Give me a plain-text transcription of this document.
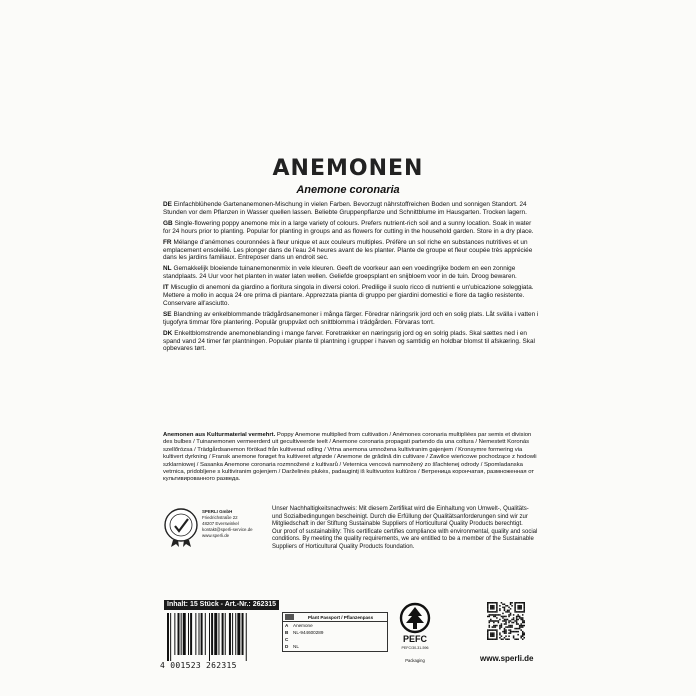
ANEMONEN
Anemone coronaria
DE Einfachblühende Gartenanemonen-Mischung in vielen Farben. Bevorzugt nährstoffreichen Boden und sonnigen Standort. 24 Stunden vor dem Pflanzen in Wasser quellen lassen. Beliebte Gruppenpflanze und Schnittblume im Hausgarten. Trocken lagern.
GB Single-flowering poppy anemone mix in a large variety of colours. Prefers nutrient-rich soil and a sunny location. Soak in water for 24 hours prior to planting. Popular for planting in groups and as flowers for cutting in the household garden. Store in a dry place.
FR Mélange d'anémones couronnées à fleur unique et aux couleurs multiples. Préfère un sol riche en substances nutritives et un emplacement ensoleillé. Les plonger dans de l'eau 24 heures avant de les planter. Plante de groupe et fleur coupée très appréciée dans les jardins familiaux. Entreposer dans un endroit sec.
NL Gemakkelijk bloeiende tuinanemonenmix in vele kleuren. Geeft de voorkeur aan een voedingrijke bodem en een zonnige standplaats. 24 Uur voor het planten in water laten wellen. Geliefde groepsplant en snijbloem voor in de tuin. Droog bewaren.
IT Miscuglio di anemoni da giardino a fioritura singola in diversi colori. Predilige il suolo ricco di nutrienti e un'ubicazione soleggiata. Mettere a mollo in acqua 24 ore prima di piantare. Apprezzata pianta di gruppo per giardini domestici e fiore da taglio resistente. Conservare all'asciutto.
SE Blandning av enkelblommande trädgårdsanemoner i många färger. Föredrar näringsrik jord och en solig plats. Låt svälla i vatten i tjugofyra timmar före plantering. Populär gruppväxt och snittblomma i trädgården. Förvaras torrt.
DK Enkeltblomstrende anemoneblanding i mange farver. Foretrækker en næringsrig jord og en solrig plads. Skal sættes ned i en spand vand 24 timer før plantningen. Populær plante til plantning i grupper i haven og samtidig en holdbar blomst til afskæring. Skal opbevares tørt.
Anemonen aus Kulturmaterial vermehrt. Poppy Anemone multiplied from cultivation / Anémones coronaria multipliées par semis et division des bulbes / Tuinanemonen vermeerderd uit gecultiveerde teelt / Anemone coronaria propagati partendo da una coltura / Nemestett Koronás szellőrózsa / Trädgårdsanemon förökad från kultiverad odling / Vrtna anemona umnožena kultiviranim gajenjem / Kronsymre formering via kultivert dyrkning / Fransk anemone forøget fra kultiveret afgrøde / Anemone de grădină din cultivare / Zawilce wieńcowe pochodzące z hodowli szklarniowej / Sasanka Anemone coronaria rozmnožené z kultivarů / Veternica vencová namnožený zo šľachtenej odrody / Spomladanska vetrnica, pridobljene s kultiviranim gojenjem / Darželinės plukės, padaugintį iš kultivuotos kultūros / Ветреница корончатая, размноженная от культивированного разведа.
SPERLI GmbH
Friedrichstraße 22
48207 Everswinkel
kontakt@sperli-service.de
www.sperli.de
Unser Nachhaltigkeitsnachweis: Mit diesem Zertifikat wird die Einhaltung von Umwelt-, Qualitäts- und Sozialbedingungen bescheinigt. Durch die Erfüllung der Qualitätsanforderungen sind wir zur Mitgliedschaft in der Stiftung Sustainable Suppliers of Horticultural Quality Products berechtigt.
Our proof of sustainability: This certificate certifies compliance with environmental, quality and social conditions. By meeting the quality requirements, we are entitled to be a member of the Sustainable Suppliers of Horticultural Quality Products foundation.
Inhalt: 15 Stück - Art.-Nr.: 262315
4 001523 262315
Plant Passport / Pflanzenpass
A	Anemone
B	NL-944600289
C
D	NL
PEFC
PEFC/30-31-596
Packaging	www.sperli.de
